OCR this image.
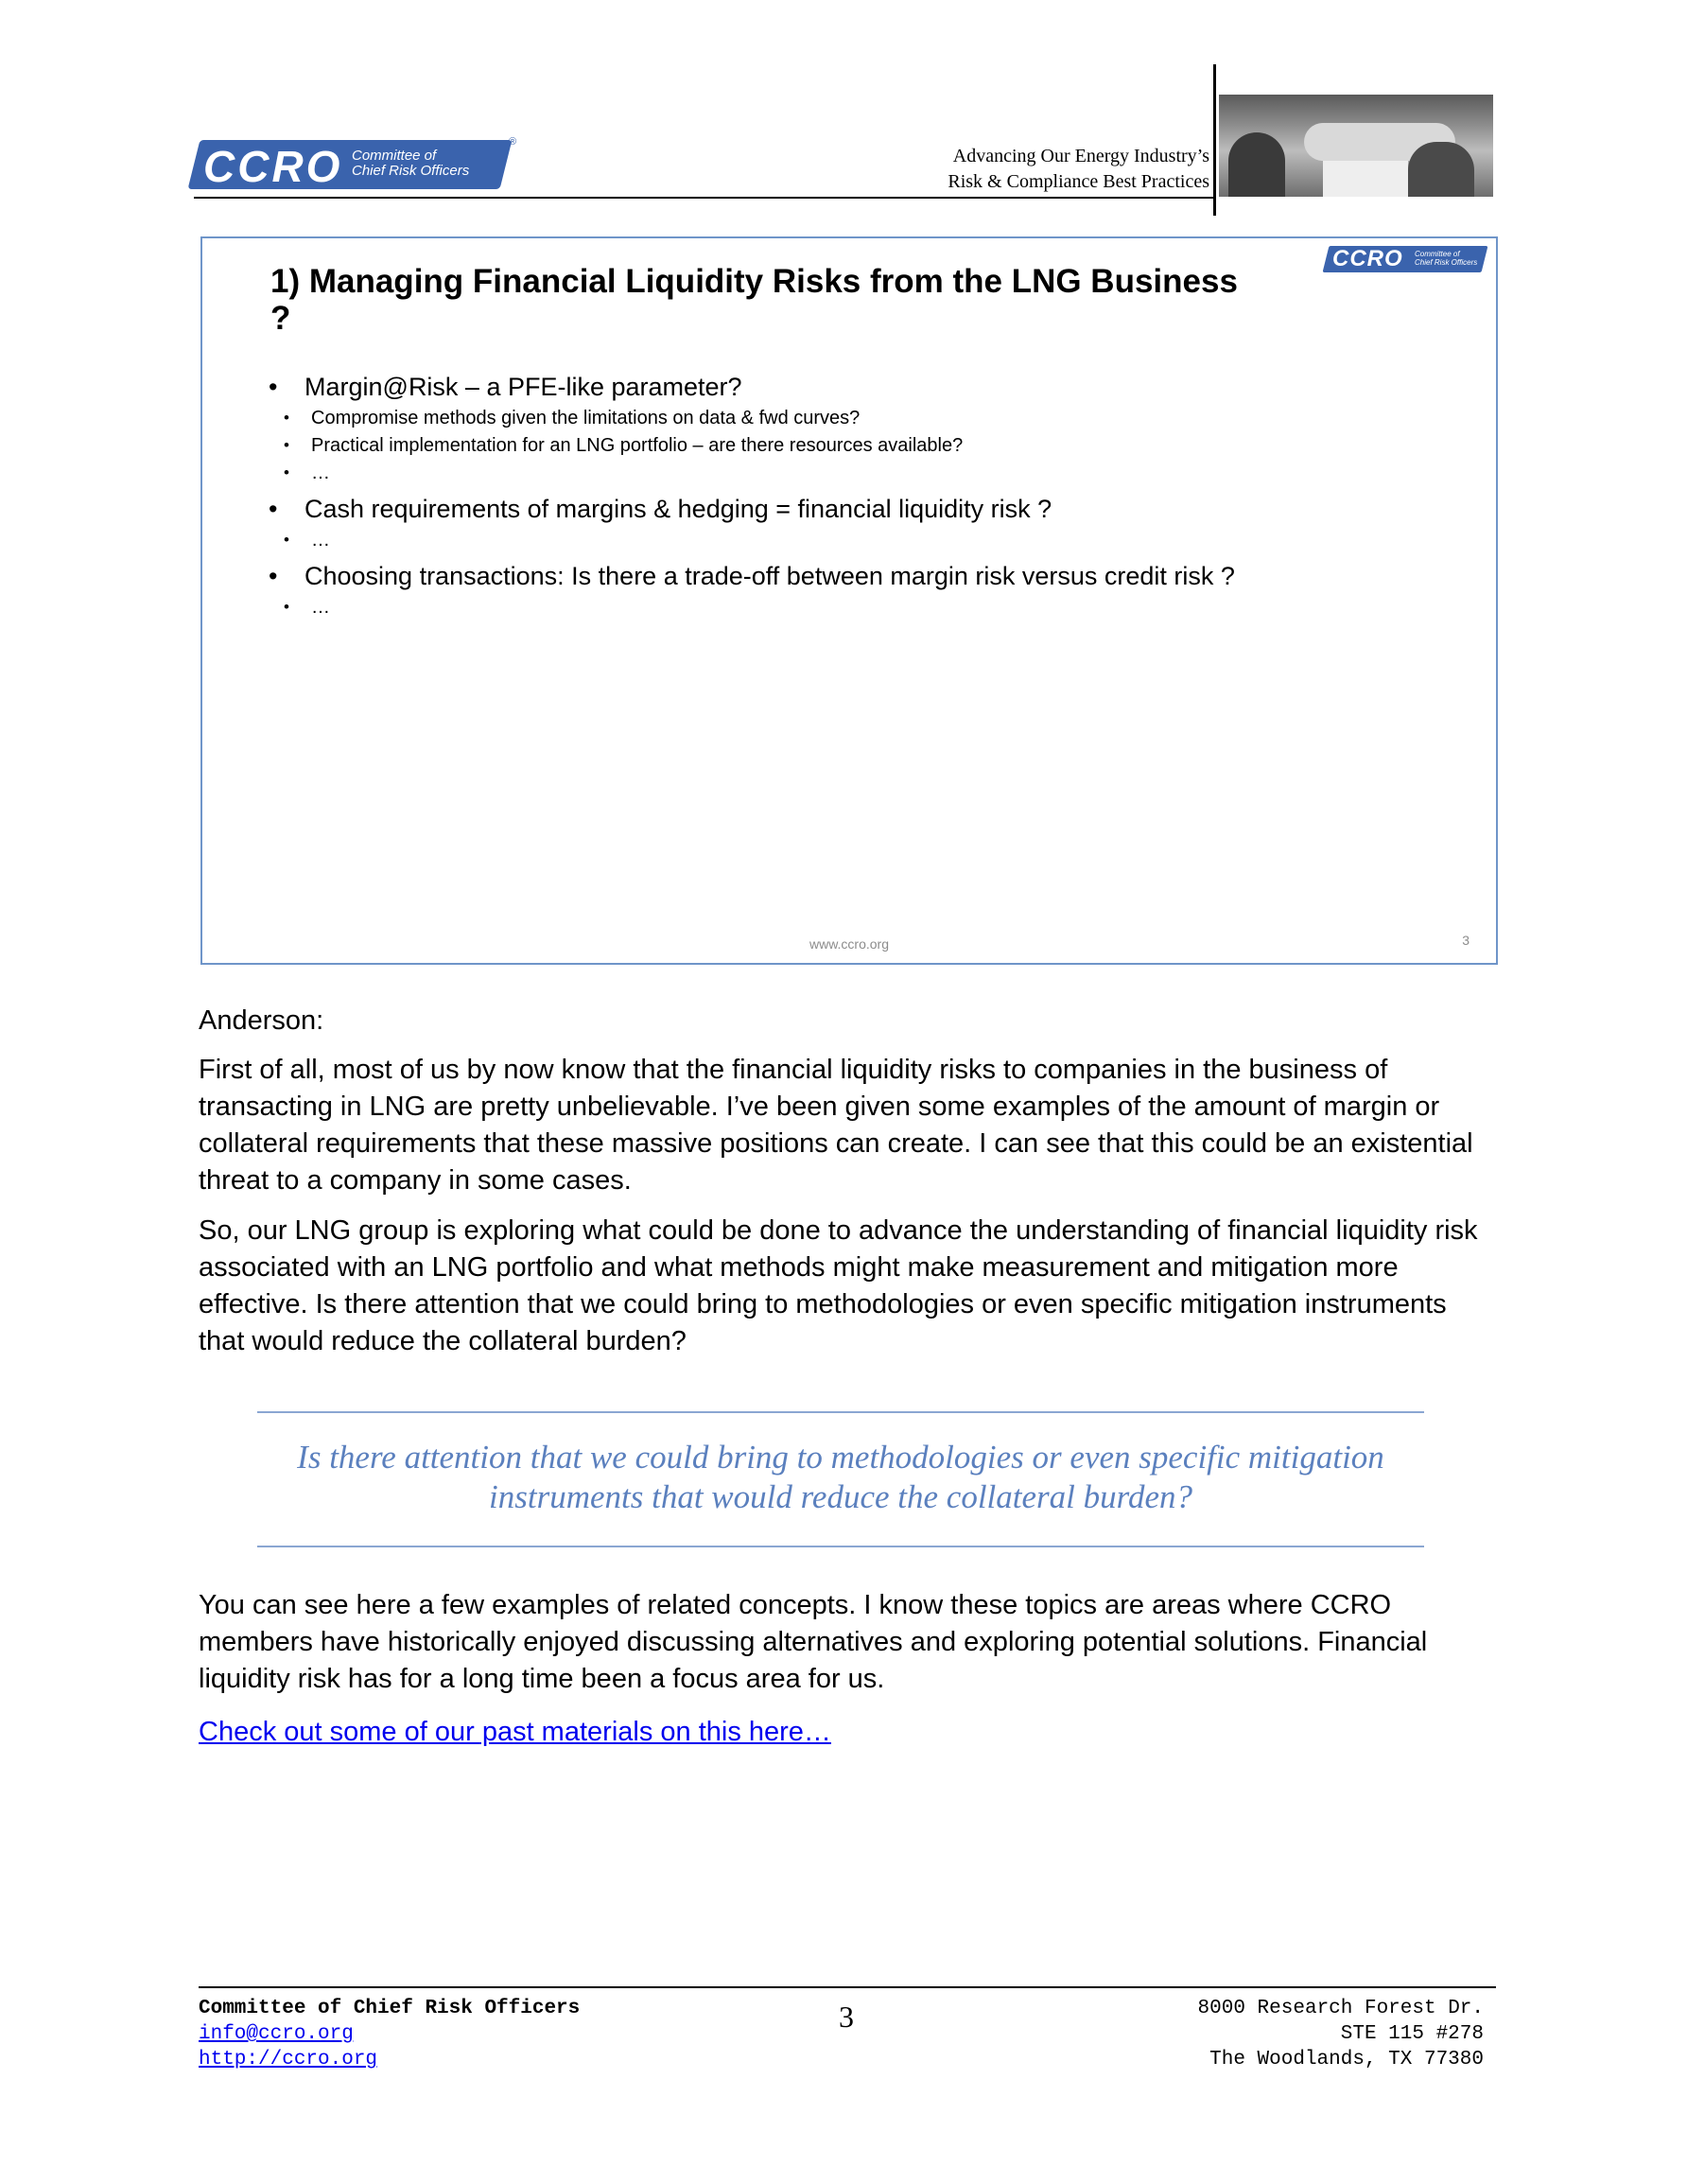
CCRO Committee of
Chief Risk Officers
®
Advancing Our Energy Industry’s
Risk & Compliance Best Practices
1) Managing Financial Liquidity Risks from the LNG Business ?
CCRO Committee of
Chief Risk Officers
• Margin@Risk – a PFE-like parameter?
• Compromise methods given the limitations on data & fwd curves?
• Practical implementation for an LNG portfolio – are there resources available?
• …
• Cash requirements of margins & hedging = financial liquidity risk ?
• …
• Choosing transactions: Is there a trade-off between margin risk versus credit risk ?
• …
www.ccro.org	3

Anderson:

First of all, most of us by now know that the financial liquidity risks to companies in the business of transacting in LNG are pretty unbelievable. I’ve been given some examples of the amount of margin or collateral requirements that these massive positions can create. I can see that this could be an existential threat to a company in some cases.

So, our LNG group is exploring what could be done to advance the understanding of financial liquidity risk associated with an LNG portfolio and what methods might make measurement and mitigation more effective. Is there attention that we could bring to methodologies or even specific mitigation instruments that would reduce the collateral burden?

Is there attention that we could bring to methodologies or even specific mitigation instruments that would reduce the collateral burden?

You can see here a few examples of related concepts. I know these topics are areas where CCRO members have historically enjoyed discussing alternatives and exploring potential solutions. Financial liquidity risk has for a long time been a focus area for us.

Check out some of our past materials on this here…
Committee of Chief Risk Officers
info@ccro.org
http://ccro.org
3	8000 Research Forest Dr.
STE 115 #278
The Woodlands, TX 77380
